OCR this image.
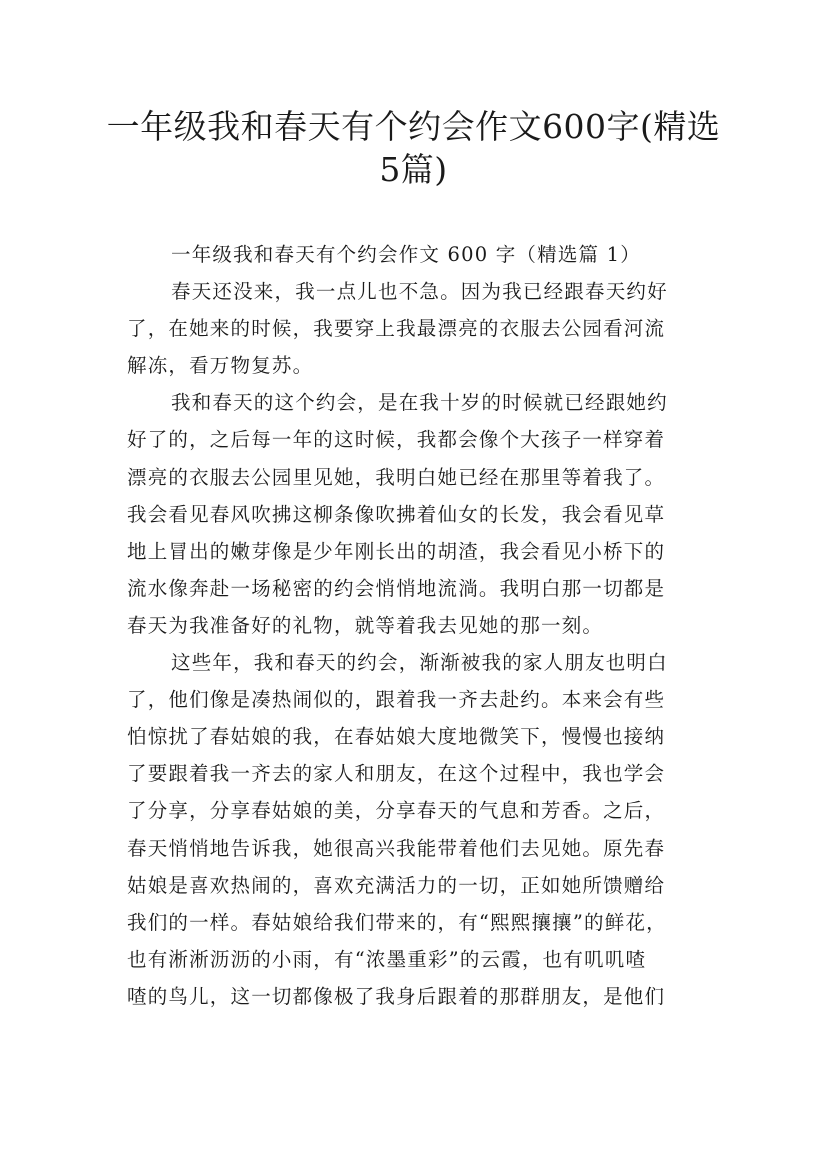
一年级我和春天有个约会作文600字(精选
5篇)
一年级我和春天有个约会作文 600 字（精选篇 1）
春天还没来，我一点儿也不急。因为我已经跟春天约好
了，在她来的时候，我要穿上我最漂亮的衣服去公园看河流
解冻，看万物复苏。
我和春天的这个约会，是在我十岁的时候就已经跟她约
好了的，之后每一年的这时候，我都会像个大孩子一样穿着
漂亮的衣服去公园里见她，我明白她已经在那里等着我了。
我会看见春风吹拂这柳条像吹拂着仙女的长发，我会看见草
地上冒出的嫩芽像是少年刚长出的胡渣，我会看见小桥下的
流水像奔赴一场秘密的约会悄悄地流淌。我明白那一切都是
春天为我准备好的礼物，就等着我去见她的那一刻。
这些年，我和春天的约会，渐渐被我的家人朋友也明白
了，他们像是凑热闹似的，跟着我一齐去赴约。本来会有些
怕惊扰了春姑娘的我，在春姑娘大度地微笑下，慢慢也接纳
了要跟着我一齐去的家人和朋友，在这个过程中，我也学会
了分享，分享春姑娘的美，分享春天的气息和芳香。之后，
春天悄悄地告诉我，她很高兴我能带着他们去见她。原先春
姑娘是喜欢热闹的，喜欢充满活力的一切，正如她所馈赠给
我们的一样。春姑娘给我们带来的，有“熙熙攘攘”的鲜花，
也有淅淅沥沥的小雨，有“浓墨重彩”的云霞，也有叽叽喳
喳的鸟儿，这一切都像极了我身后跟着的那群朋友，是他们
